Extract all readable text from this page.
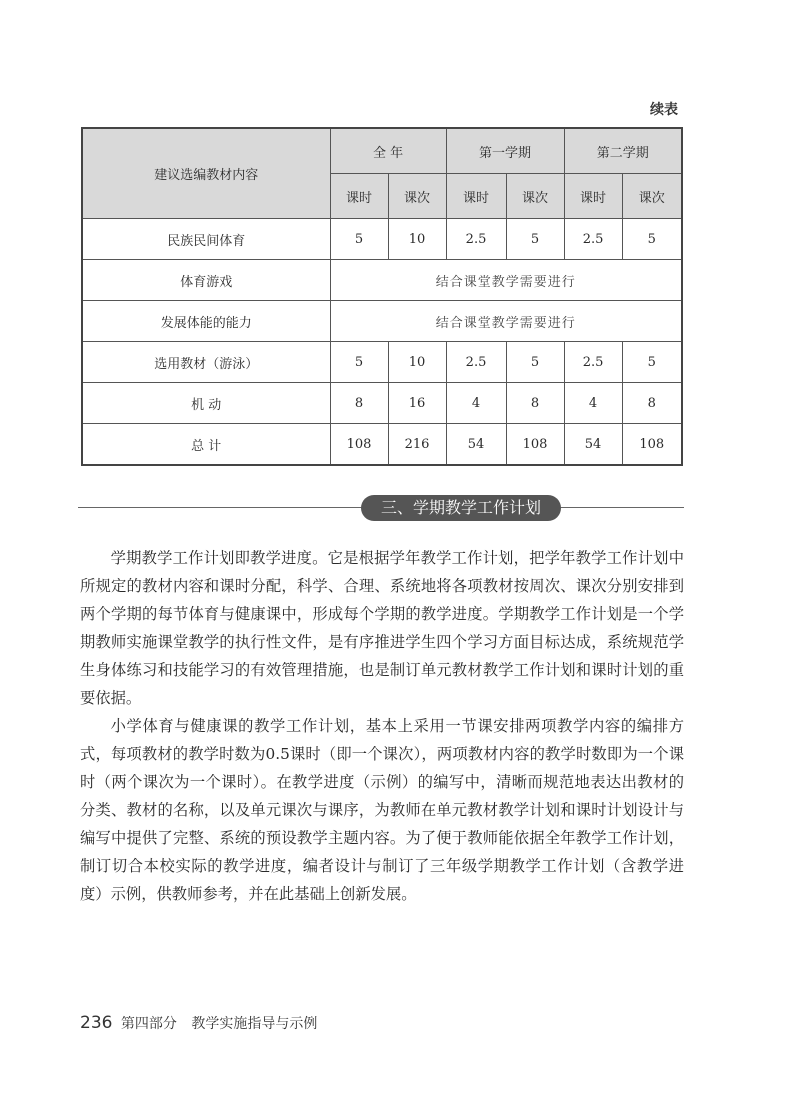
续表
建议选编教材内容	全 年		第一学期		第二学期	
	课时	课次	课时	课次	课时	课次
民族民间体育	5	10	2.5	5	2.5	5
体育游戏	结合课堂教学需要进行					
发展体能的能力	结合课堂教学需要进行					
选用教材（游泳）	5	10	2.5	5	2.5	5
机 动	8	16	4	8	4	8
总 计	108	216	54	108	54	108
三、学期教学工作计划

学期教学工作计划即教学进度。它是根据学年教学工作计划，把学年教学工作计划中所规定的教材内容和课时分配，科学、合理、系统地将各项教材按周次、课次分别安排到两个学期的每节体育与健康课中，形成每个学期的教学进度。学期教学工作计划是一个学期教师实施课堂教学的执行性文件，是有序推进学生四个学习方面目标达成，系统规范学生身体练习和技能学习的有效管理措施，也是制订单元教材教学工作计划和课时计划的重要依据。

小学体育与健康课的教学工作计划，基本上采用一节课安排两项教学内容的编排方式，每项教材的教学时数为0.5课时（即一个课次），两项教材内容的教学时数即为一个课时（两个课次为一个课时）。在教学进度（示例）的编写中，清晰而规范地表达出教材的分类、教材的名称，以及单元课次与课序，为教师在单元教材教学计划和课时计划设计与编写中提供了完整、系统的预设教学主题内容。为了便于教师能依据全年教学工作计划，制订切合本校实际的教学进度，编者设计与制订了三年级学期教学工作计划（含教学进度）示例，供教师参考，并在此基础上创新发展。

236 第四部分 教学实施指导与示例
